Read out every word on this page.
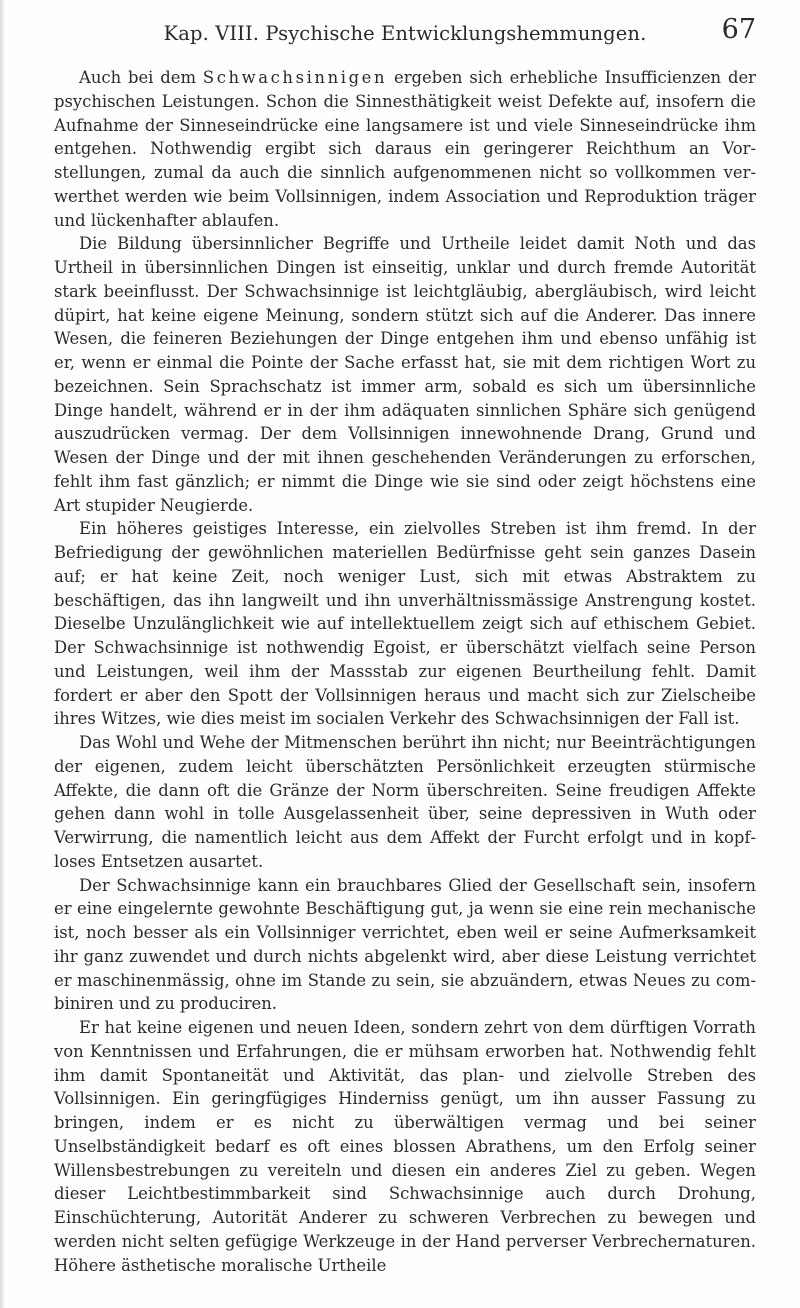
Kap. VIII. Psychische Entwicklungshemmungen.	67

Auch bei dem Schwachsinnigen ergeben sich erhebliche Insufficienzen der psychischen Leistungen. Schon die Sinnesthätigkeit weist Defekte auf, insofern die Aufnahme der Sinneseindrücke eine langsamere ist und viele Sinneseindrücke ihm entgehen. Nothwendig ergibt sich daraus ein geringerer Reichthum an Vorstellungen, zumal da auch die sinnlich aufgenommenen nicht so vollkommen verwerthet werden wie beim Vollsinnigen, indem Association und Reproduktion träger und lückenhafter ablaufen.

Die Bildung übersinnlicher Begriffe und Urtheile leidet damit Noth und das Urtheil in übersinnlichen Dingen ist einseitig, unklar und durch fremde Autorität stark beeinflusst. Der Schwachsinnige ist leichtgläubig, abergläubisch, wird leicht düpirt, hat keine eigene Meinung, sondern stützt sich auf die Anderer. Das innere Wesen, die feineren Beziehungen der Dinge entgehen ihm und ebenso unfähig ist er, wenn er einmal die Pointe der Sache erfasst hat, sie mit dem richtigen Wort zu bezeichnen. Sein Sprachschatz ist immer arm, sobald es sich um übersinnliche Dinge handelt, während er in der ihm adäquaten sinnlichen Sphäre sich genügend auszudrücken vermag. Der dem Vollsinnigen innewohnende Drang, Grund und Wesen der Dinge und der mit ihnen geschehenden Veränderungen zu erforschen, fehlt ihm fast gänzlich; er nimmt die Dinge wie sie sind oder zeigt höchstens eine Art stupider Neugierde.

Ein höheres geistiges Interesse, ein zielvolles Streben ist ihm fremd. In der Befriedigung der gewöhnlichen materiellen Bedürfnisse geht sein ganzes Dasein auf; er hat keine Zeit, noch weniger Lust, sich mit etwas Abstraktem zu beschäftigen, das ihn langweilt und ihn unverhältnissmässige Anstrengung kostet. Dieselbe Unzulänglichkeit wie auf intellektuellem zeigt sich auf ethischem Gebiet. Der Schwachsinnige ist nothwendig Egoist, er überschätzt vielfach seine Person und Leistungen, weil ihm der Massstab zur eigenen Beurtheilung fehlt. Damit fordert er aber den Spott der Vollsinnigen heraus und macht sich zur Zielscheibe ihres Witzes, wie dies meist im socialen Verkehr des Schwachsinnigen der Fall ist.

Das Wohl und Wehe der Mitmenschen berührt ihn nicht; nur Beeinträchtigungen der eigenen, zudem leicht überschätzten Persönlichkeit erzeugten stürmische Affekte, die dann oft die Gränze der Norm überschreiten. Seine freudigen Affekte gehen dann wohl in tolle Ausgelassenheit über, seine depressiven in Wuth oder Verwirrung, die namentlich leicht aus dem Affekt der Furcht erfolgt und in kopfloses Entsetzen ausartet.

Der Schwachsinnige kann ein brauchbares Glied der Gesellschaft sein, insofern er eine eingelernte gewohnte Beschäftigung gut, ja wenn sie eine rein mechanische ist, noch besser als ein Vollsinniger verrichtet, eben weil er seine Aufmerksamkeit ihr ganz zuwendet und durch nichts abgelenkt wird, aber diese Leistung verrichtet er maschinenmässig, ohne im Stande zu sein, sie abzuändern, etwas Neues zu combiniren und zu produciren.

Er hat keine eigenen und neuen Ideen, sondern zehrt von dem dürftigen Vorrath von Kenntnissen und Erfahrungen, die er mühsam erworben hat. Nothwendig fehlt ihm damit Spontaneität und Aktivität, das plan- und zielvolle Streben des Vollsinnigen. Ein geringfügiges Hinderniss genügt, um ihn ausser Fassung zu bringen, indem er es nicht zu überwältigen vermag und bei seiner Unselbständigkeit bedarf es oft eines blossen Abrathens, um den Erfolg seiner Willensbestrebungen zu vereiteln und diesen ein anderes Ziel zu geben. Wegen dieser Leichtbestimmbarkeit sind Schwachsinnige auch durch Drohung, Einschüchterung, Autorität Anderer zu schweren Verbrechen zu bewegen und werden nicht selten gefügige Werkzeuge in der Hand perverser Verbrechernaturen. Höhere ästhetische moralische Urtheile
